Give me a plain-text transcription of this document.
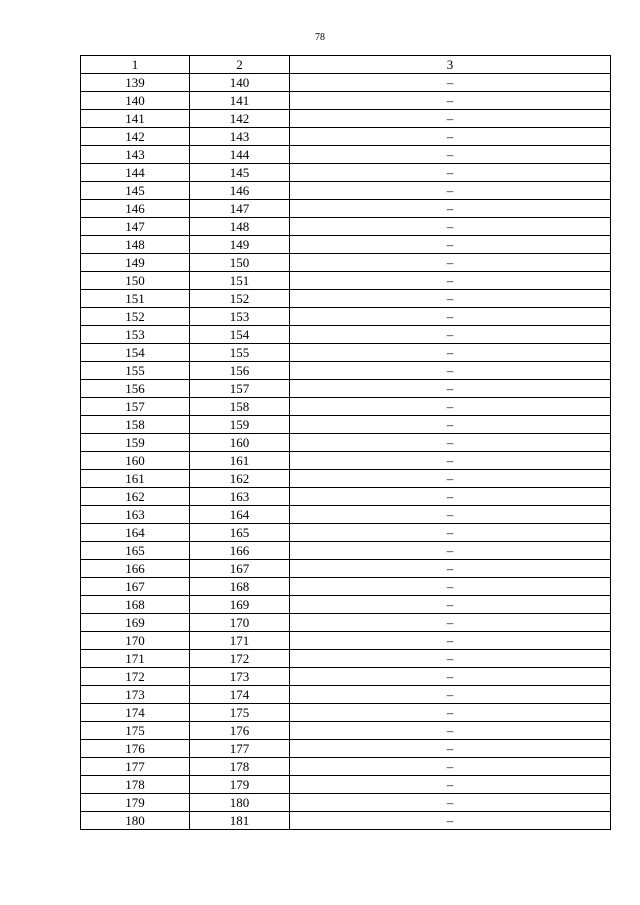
78
1	2	3
139	140	–
140	141	–
141	142	–
142	143	–
143	144	–
144	145	–
145	146	–
146	147	–
147	148	–
148	149	–
149	150	–
150	151	–
151	152	–
152	153	–
153	154	–
154	155	–
155	156	–
156	157	–
157	158	–
158	159	–
159	160	–
160	161	–
161	162	–
162	163	–
163	164	–
164	165	–
165	166	–
166	167	–
167	168	–
168	169	–
169	170	–
170	171	–
171	172	–
172	173	–
173	174	–
174	175	–
175	176	–
176	177	–
177	178	–
178	179	–
179	180	–
180	181	–
